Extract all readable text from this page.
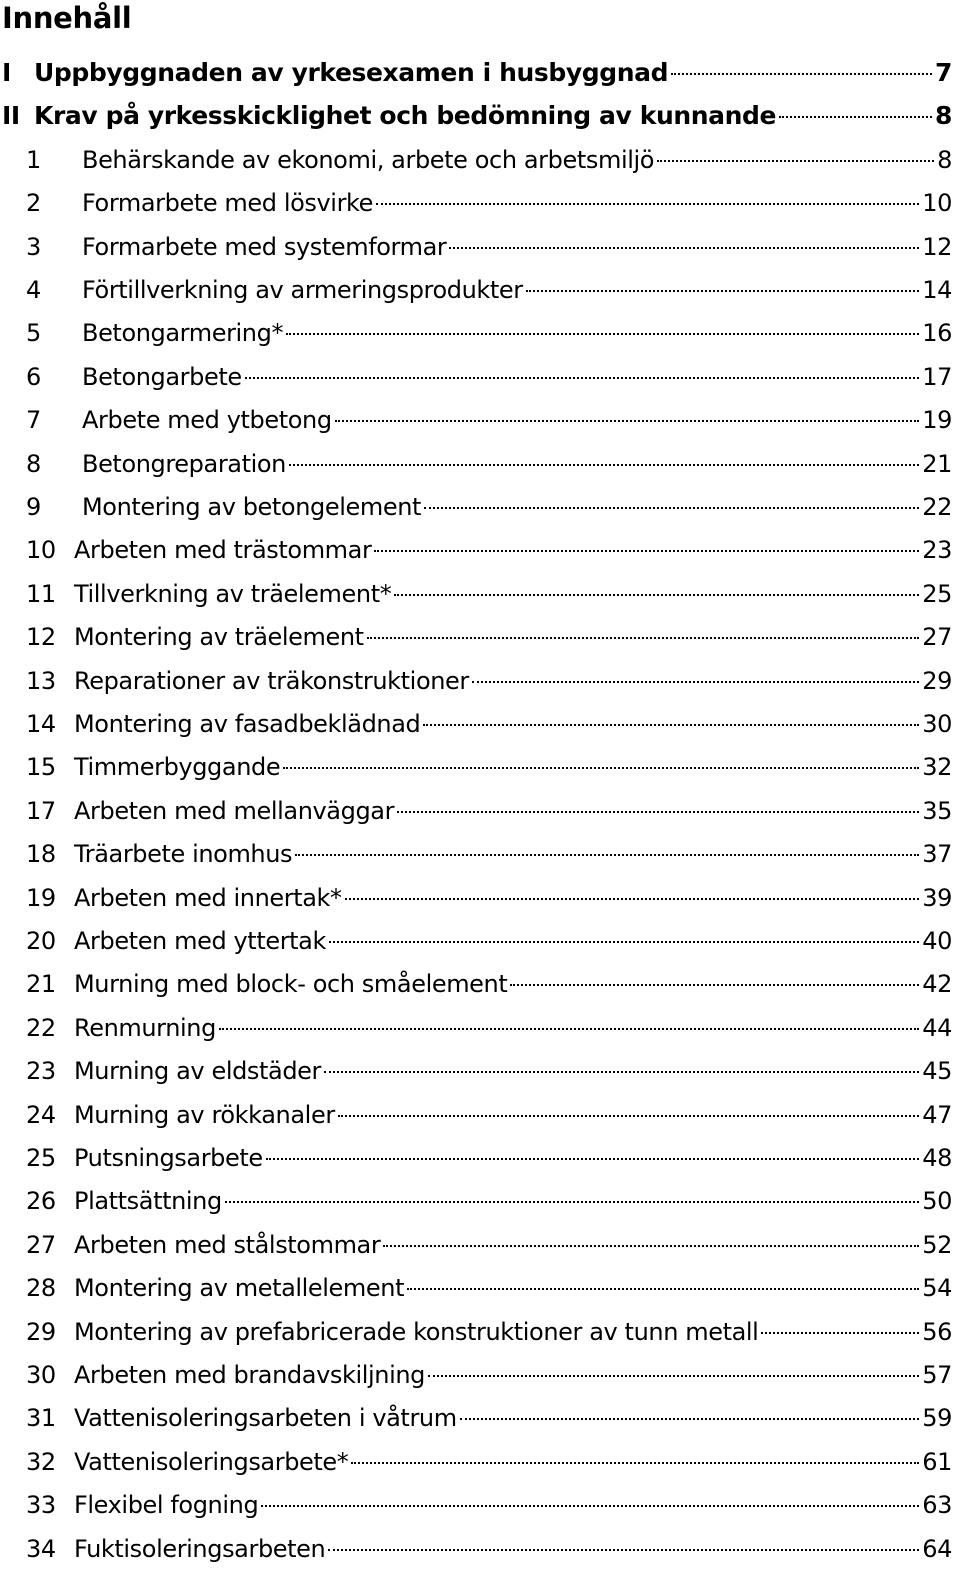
Innehåll
I Uppbyggnaden av yrkesexamen i husbyggnad	7
II Krav på yrkesskicklighet och bedömning av kunnande	8
1	Behärskande av ekonomi, arbete och arbetsmiljö	8
2	Formarbete med lösvirke	10
3	Formarbete med systemformar	12
4	Förtillverkning av armeringsprodukter	14
5	Betongarmering*	16
6	Betongarbete	17
7	Arbete med ytbetong	19
8	Betongreparation	21
9	Montering av betongelement	22
10 Arbeten med trästommar	23
11 Tillverkning av träelement*	25
12 Montering av träelement	27
13 Reparationer av träkonstruktioner	29
14 Montering av fasadbeklädnad	30
15 Timmerbyggande	32
17 Arbeten med mellanväggar	35
18 Träarbete inomhus	37
19 Arbeten med innertak*	39
20 Arbeten med yttertak	40
21 Murning med block- och småelement	42
22 Renmurning	44
23 Murning av eldstäder	45
24 Murning av rökkanaler	47
25 Putsningsarbete	48
26 Plattsättning	50
27 Arbeten med stålstommar	52
28 Montering av metallelement	54
29 Montering av prefabricerade konstruktioner av tunn metall	56
30 Arbeten med brandavskiljning	57
31 Vattenisoleringsarbeten i våtrum	59
32 Vattenisoleringsarbete*	61
33 Flexibel fogning	63
34 Fuktisoleringsarbeten	64
